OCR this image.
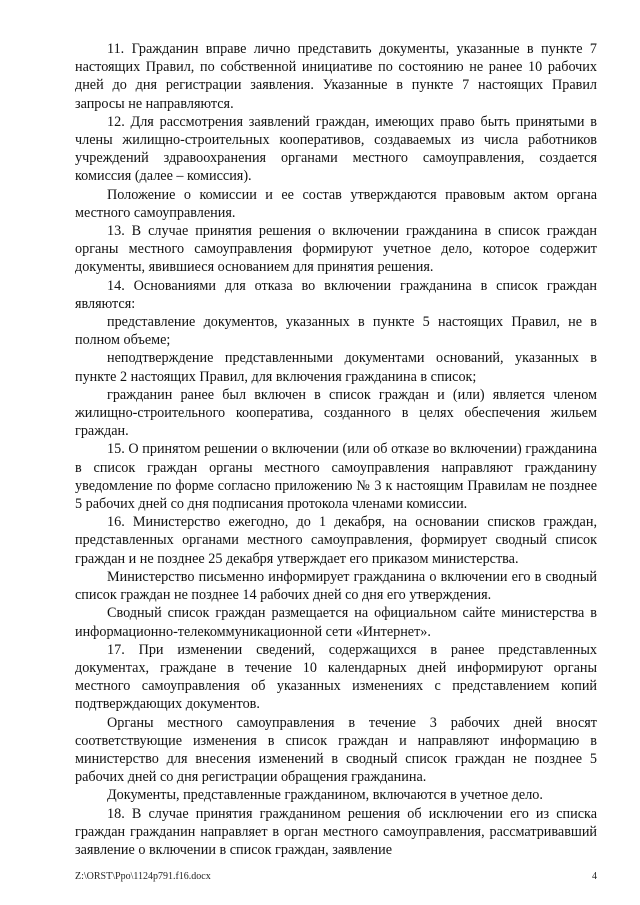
11. Гражданин вправе лично представить документы, указанные в пункте 7 настоящих Правил, по собственной инициативе по состоянию не ранее 10 рабочих дней до дня регистрации заявления. Указанные в пункте 7 настоящих Правил запросы не направляются.

12. Для рассмотрения заявлений граждан, имеющих право быть принятыми в члены жилищно-строительных кооперативов, создаваемых из числа работников учреждений здравоохранения органами местного самоуправления, создается комиссия (далее – комиссия).

Положение о комиссии и ее состав утверждаются правовым актом органа местного самоуправления.

13. В случае принятия решения о включении гражданина в список граждан органы местного самоуправления формируют учетное дело, которое содержит документы, явившиеся основанием для принятия решения.

14. Основаниями для отказа во включении гражданина в список граждан являются:

представление документов, указанных в пункте 5 настоящих Правил, не в полном объеме;

неподтверждение представленными документами оснований, указанных в пункте 2 настоящих Правил, для включения гражданина в список;

гражданин ранее был включен в список граждан и (или) является членом жилищно-строительного кооператива, созданного в целях обеспечения жильем граждан.

15. О принятом решении о включении (или об отказе во включении) гражданина в список граждан органы местного самоуправления направляют гражданину уведомление по форме согласно приложению № 3 к настоящим Правилам не позднее 5 рабочих дней со дня подписания протокола членами комиссии.

16. Министерство ежегодно, до 1 декабря, на основании списков граждан, представленных органами местного самоуправления, формирует сводный список граждан и не позднее 25 декабря утверждает его приказом министерства.

Министерство письменно информирует гражданина о включении его в сводный список граждан не позднее 14 рабочих дней со дня его утверждения.

Сводный список граждан размещается на официальном сайте министерства в информационно-телекоммуникационной сети «Интернет».

17. При изменении сведений, содержащихся в ранее представленных документах, граждане в течение 10 календарных дней информируют органы местного самоуправления об указанных изменениях с представлением копий подтверждающих документов.

Органы местного самоуправления в течение 3 рабочих дней вносят соответствующие изменения в список граждан и направляют информацию в министерство для внесения изменений в сводный список граждан не позднее 5 рабочих дней со дня регистрации обращения гражданина.

Документы, представленные гражданином, включаются в учетное дело.

18. В случае принятия гражданином решения об исключении его из списка граждан гражданин направляет в орган местного самоуправления, рассматривавший заявление о включении в список граждан, заявление

Z:\ORST\Ppo\1124p791.f16.docx	4
